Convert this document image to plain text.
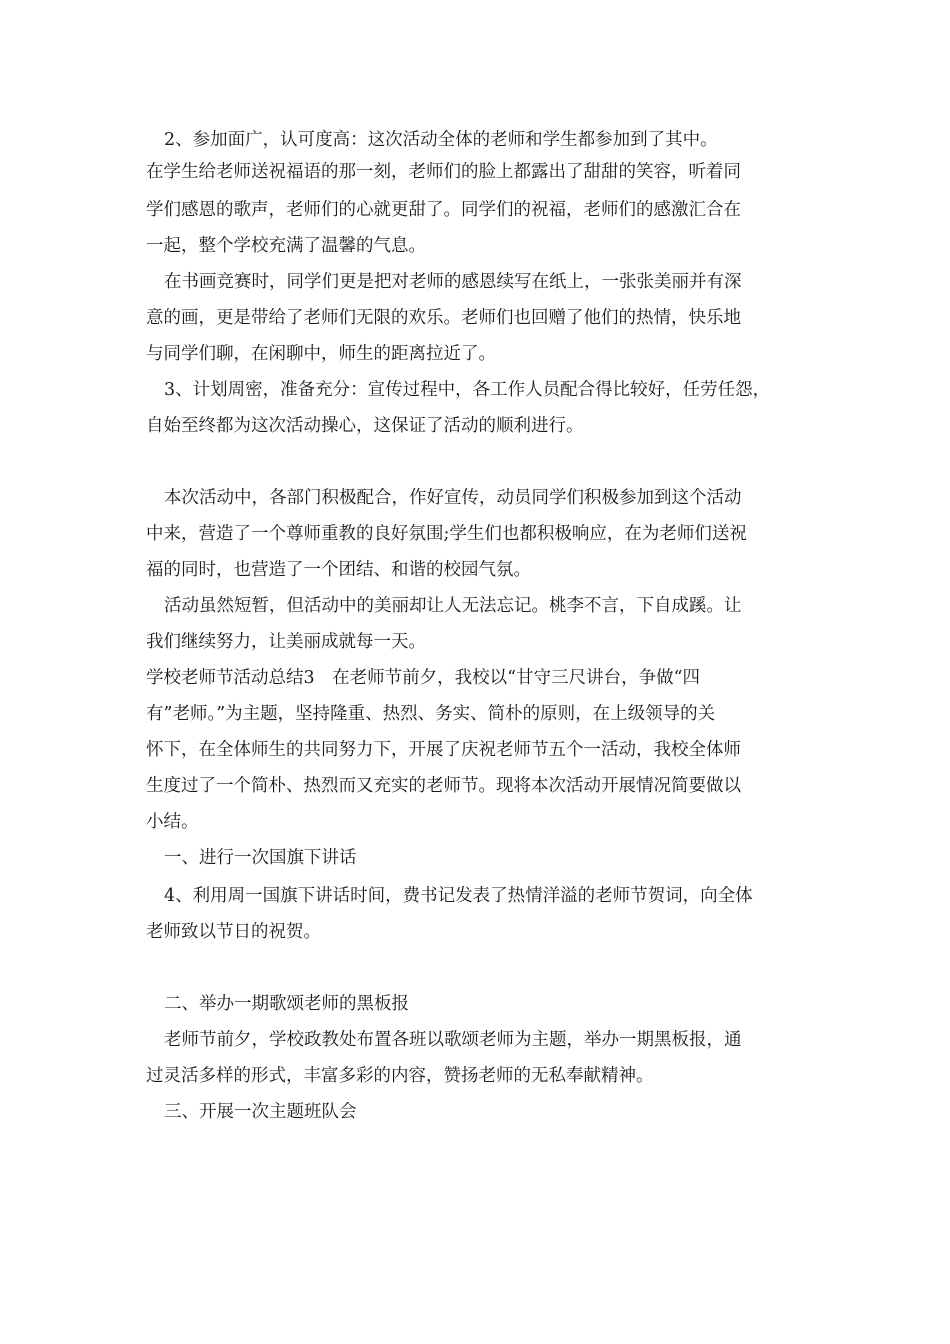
2、参加面广，认可度高：这次活动全体的老师和学生都参加到了其中。
在学生给老师送祝福语的那一刻，老师们的脸上都露出了甜甜的笑容，听着同
学们感恩的歌声，老师们的心就更甜了。同学们的祝福，老师们的感激汇合在
一起，整个学校充满了温馨的气息。
在书画竞赛时，同学们更是把对老师的感恩续写在纸上，一张张美丽并有深
意的画，更是带给了老师们无限的欢乐。老师们也回赠了他们的热情，快乐地
与同学们聊，在闲聊中，师生的距离拉近了。
3、计划周密，准备充分：宣传过程中，各工作人员配合得比较好，任劳任怨，
自始至终都为这次活动操心，这保证了活动的顺利进行。
本次活动中，各部门积极配合，作好宣传，动员同学们积极参加到这个活动
中来，营造了一个尊师重教的良好氛围;学生们也都积极响应，在为老师们送祝
福的同时，也营造了一个团结、和谐的校园气氛。
活动虽然短暂，但活动中的美丽却让人无法忘记。桃李不言，下自成蹊。让
我们继续努力，让美丽成就每一天。
学校老师节活动总结3　在老师节前夕，我校以“甘守三尺讲台，争做“四
有”老师。”为主题，坚持隆重、热烈、务实、简朴的原则，在上级领导的关
怀下，在全体师生的共同努力下，开展了庆祝老师节五个一活动，我校全体师
生度过了一个简朴、热烈而又充实的老师节。现将本次活动开展情况简要做以
小结。
一、进行一次国旗下讲话
4、利用周一国旗下讲话时间，费书记发表了热情洋溢的老师节贺词，向全体
老师致以节日的祝贺。
二、举办一期歌颂老师的黑板报
老师节前夕，学校政教处布置各班以歌颂老师为主题，举办一期黑板报，通
过灵活多样的形式，丰富多彩的内容，赞扬老师的无私奉献精神。
三、开展一次主题班队会
